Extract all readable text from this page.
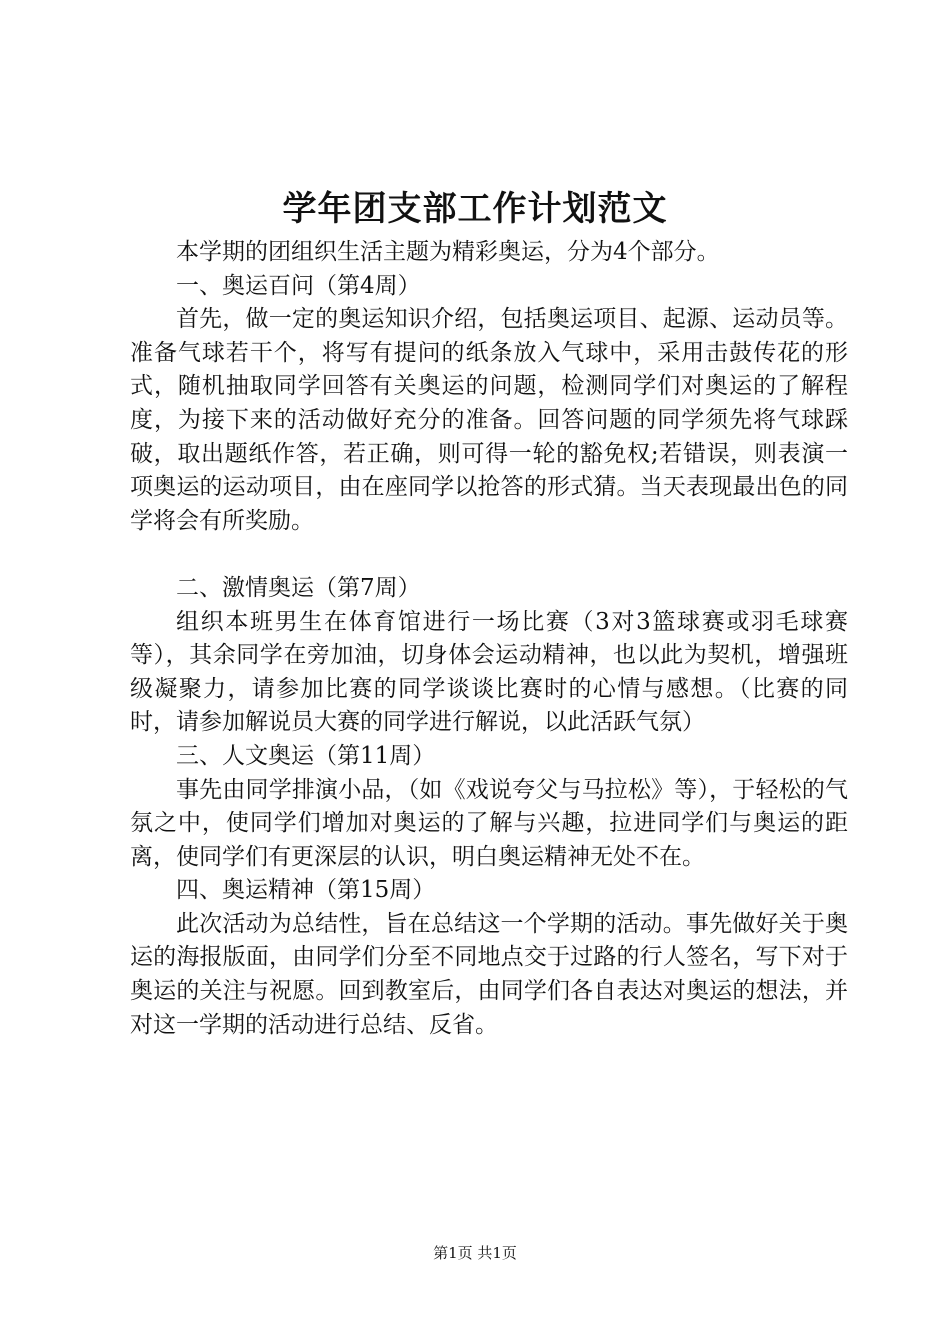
学年团支部工作计划范文

本学期的团组织生活主题为精彩奥运，分为4个部分。

一、奥运百问（第4周）

首先，做一定的奥运知识介绍，包括奥运项目、起源、运动员等。准备气球若干个，将写有提问的纸条放入气球中，采用击鼓传花的形式，随机抽取同学回答有关奥运的问题，检测同学们对奥运的了解程度，为接下来的活动做好充分的准备。回答问题的同学须先将气球踩破，取出题纸作答，若正确，则可得一轮的豁免权;若错误，则表演一项奥运的运动项目，由在座同学以抢答的形式猜。当天表现最出色的同学将会有所奖励。

二、激情奥运（第7周）

组织本班男生在体育馆进行一场比赛（3对3篮球赛或羽毛球赛等），其余同学在旁加油，切身体会运动精神，也以此为契机，增强班级凝聚力，请参加比赛的同学谈谈比赛时的心情与感想。（比赛的同时，请参加解说员大赛的同学进行解说，以此活跃气氛）

三、人文奥运（第11周）

事先由同学排演小品，（如《戏说夸父与马拉松》等），于轻松的气氛之中，使同学们增加对奥运的了解与兴趣，拉进同学们与奥运的距离，使同学们有更深层的认识，明白奥运精神无处不在。

四、奥运精神（第15周）

此次活动为总结性，旨在总结这一个学期的活动。事先做好关于奥运的海报版面，由同学们分至不同地点交于过路的行人签名，写下对于奥运的关注与祝愿。回到教室后，由同学们各自表达对奥运的想法，并对这一学期的活动进行总结、反省。

第1页 共1页
